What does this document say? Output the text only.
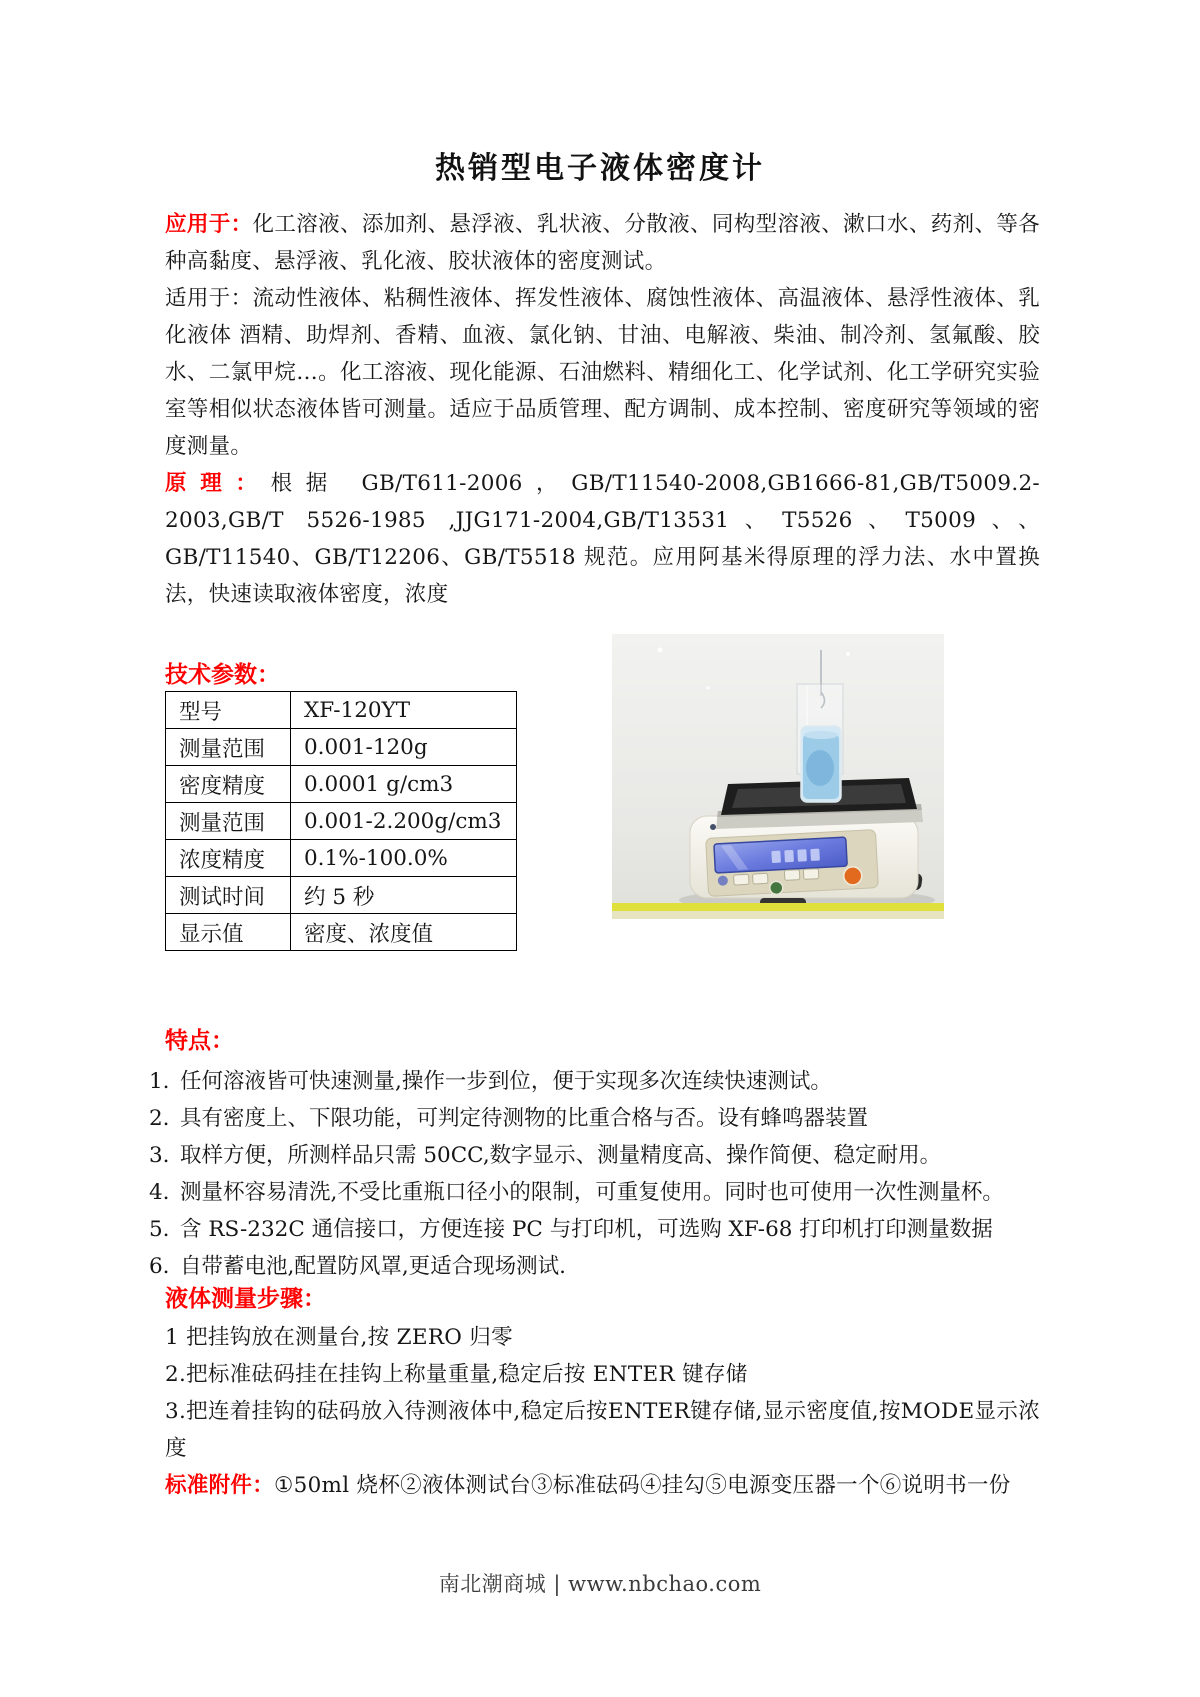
热销型电子液体密度计

应用于：化工溶液、添加剂、悬浮液、乳状液、分散液、同构型溶液、漱口水、药剂、等各种高黏度、悬浮液、乳化液、胶状液体的密度测试。

适用于：流动性液体、粘稠性液体、挥发性液体、腐蚀性液体、高温液体、悬浮性液体、乳化液体 酒精、助焊剂、香精、血液、氯化钠、甘油、电解液、柴油、制冷剂、氢氟酸、胶水、二氯甲烷…。化工溶液、现化能源、石油燃料、精细化工、化学试剂、化工学研究实验室等相似状态液体皆可测量。适应于品质管理、配方调制、成本控制、密度研究等领域的密度测量。

原理：根据 GB/T611-2006，GB/T11540-2008,GB1666-81,GB/T5009.2-2003,GB/T 5526-1985 ,JJG171-2004,GB/T13531、T5526、T5009、、GB/T11540、GB/T12206、GB/T5518 规范。应用阿基米得原理的浮力法、水中置换法，快速读取液体密度，浓度

技术参数：
型号	XF-120YT
测量范围	0.001-120g
密度精度	0.0001 g/cm3
测量范围	0.001-2.200g/cm3
浓度精度	0.1%-100.0%
测试时间	约 5 秒
显示值	密度、浓度值
特点：
1. 任何溶液皆可快速测量,操作一步到位，便于实现多次连续快速测试。
2. 具有密度上、下限功能，可判定待测物的比重合格与否。设有蜂鸣器装置
3. 取样方便，所测样品只需 50CC,数字显示、测量精度高、操作简便、稳定耐用。
4. 测量杯容易清洗,不受比重瓶口径小的限制，可重复使用。同时也可使用一次性测量杯。
5. 含 RS-232C 通信接口，方便连接 PC 与打印机，可选购 XF-68 打印机打印测量数据
6. 自带蓄电池,配置防风罩,更适合现场测试.
液体测量步骤：

1 把挂钩放在测量台,按 ZERO 归零

2.把标准砝码挂在挂钩上称量重量,稳定后按 ENTER 键存储

3.把连着挂钩的砝码放入待测液体中,稳定后按ENTER键存储,显示密度值,按MODE显示浓度

标准附件：①50ml 烧杯②液体测试台③标准砝码④挂勾⑤电源变压器一个⑥说明书一份

南北潮商城 | www.nbchao.com
